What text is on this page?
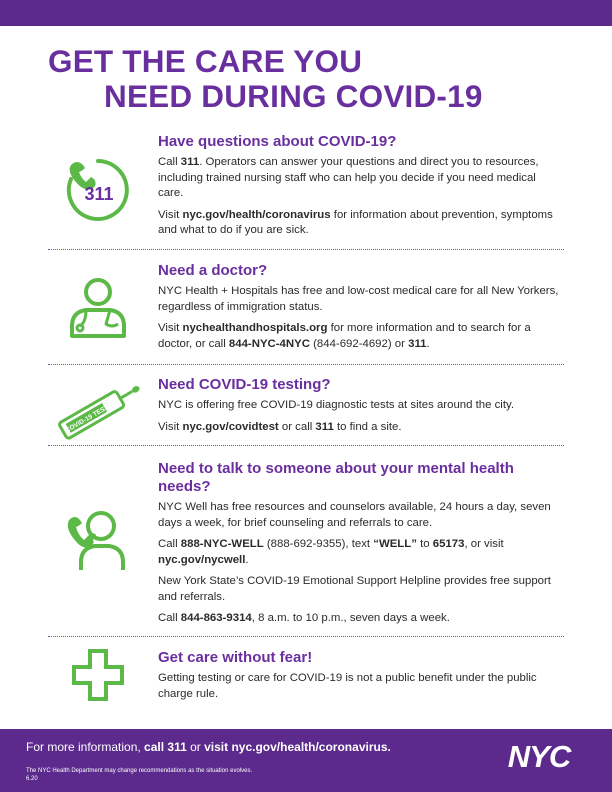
GET THE CARE YOU
NEED DURING COVID-19
311
Have questions about COVID-19?

Call 311. Operators can answer your questions and direct you to resources, including trained nursing staff who can help you decide if you need medical care.

Visit nyc.gov/health/coronavirus for information about prevention, symptoms and what to do if you are sick.

Need a doctor?

NYC Health + Hospitals has free and low-cost medical care for all New Yorkers, regardless of immigration status.

Visit nychealthandhospitals.org for more information and to search for a doctor, or call 844-NYC-4NYC (844-692-4692) or 311.

COVID-19 TEST
Need COVID-19 testing?

NYC is offering free COVID-19 diagnostic tests at sites around the city.

Visit nyc.gov/covidtest or call 311 to find a site.

Need to talk to someone about your mental health needs?

NYC Well has free resources and counselors available, 24 hours a day, seven days a week, for brief counseling and referrals to care.

Call 888-NYC-WELL (888-692-9355), text “WELL” to 65173, or visit nyc.gov/nycwell.

New York State’s COVID-19 Emotional Support Helpline provides free support and referrals.

Call 844-863-9314, 8 a.m. to 10 p.m., seven days a week.

Get care without fear!

Getting testing or care for COVID-19 is not a public benefit under the public charge rule.

For more information, call 311 or visit nyc.gov/health/coronavirus.
The NYC Health Department may change recommendations as the situation evolves.
6.20
NYC
